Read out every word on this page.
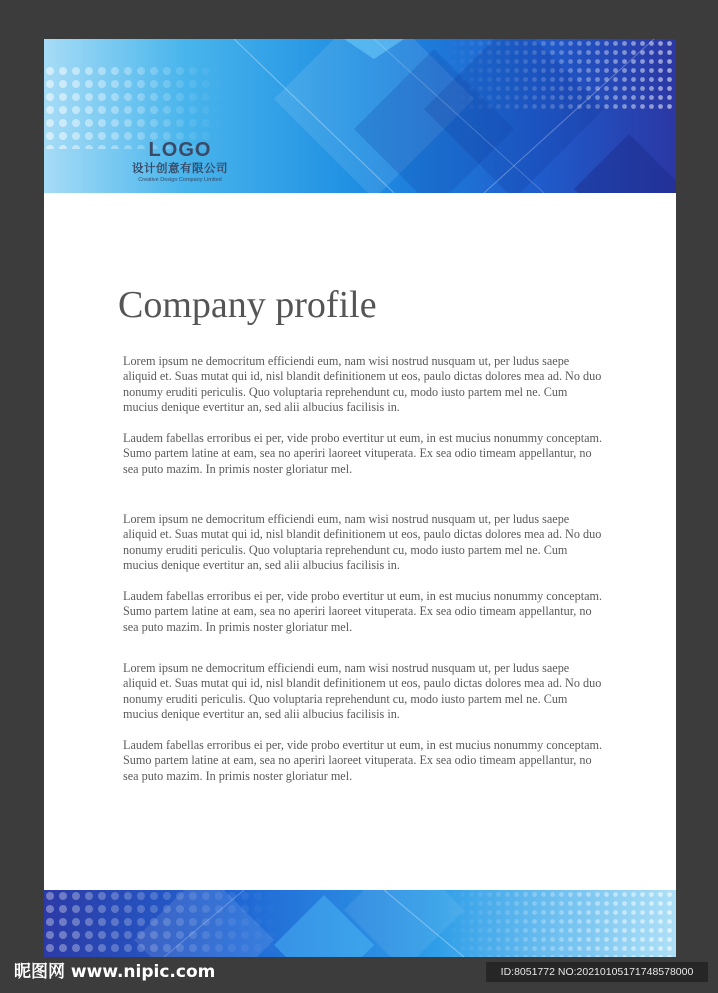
LOGO
设计创意有限公司
Creative Design Company Limited
Company profile

Lorem ipsum ne democritum efficiendi eum, nam wisi nostrud nusquam ut, per ludus saepe aliquid et. Suas mutat qui id, nisl blandit definitionem ut eos, paulo dictas dolores mea ad. No duo nonumy eruditi periculis. Quo voluptaria reprehendunt cu, modo iusto partem mel ne. Cum mucius denique evertitur an, sed alii albucius facilisis in.

Laudem fabellas erroribus ei per, vide probo evertitur ut eum, in est mucius nonummy conceptam. Sumo partem latine at eam, sea no aperiri laoreet vituperata. Ex sea odio timeam appellantur, no sea puto mazim. In primis noster gloriatur mel.

Lorem ipsum ne democritum efficiendi eum, nam wisi nostrud nusquam ut, per ludus saepe aliquid et. Suas mutat qui id, nisl blandit definitionem ut eos, paulo dictas dolores mea ad. No duo nonumy eruditi periculis. Quo voluptaria reprehendunt cu, modo iusto partem mel ne. Cum mucius denique evertitur an, sed alii albucius facilisis in.

Laudem fabellas erroribus ei per, vide probo evertitur ut eum, in est mucius nonummy conceptam. Sumo partem latine at eam, sea no aperiri laoreet vituperata. Ex sea odio timeam appellantur, no sea puto mazim. In primis noster gloriatur mel.

Lorem ipsum ne democritum efficiendi eum, nam wisi nostrud nusquam ut, per ludus saepe aliquid et. Suas mutat qui id, nisl blandit definitionem ut eos, paulo dictas dolores mea ad. No duo nonumy eruditi periculis. Quo voluptaria reprehendunt cu, modo iusto partem mel ne. Cum mucius denique evertitur an, sed alii albucius facilisis in.

Laudem fabellas erroribus ei per, vide probo evertitur ut eum, in est mucius nonummy conceptam. Sumo partem latine at eam, sea no aperiri laoreet vituperata. Ex sea odio timeam appellantur, no sea puto mazim. In primis noster gloriatur mel.

昵图网 www.nipic.com	ID:8051772 NO:20210105171748578000
